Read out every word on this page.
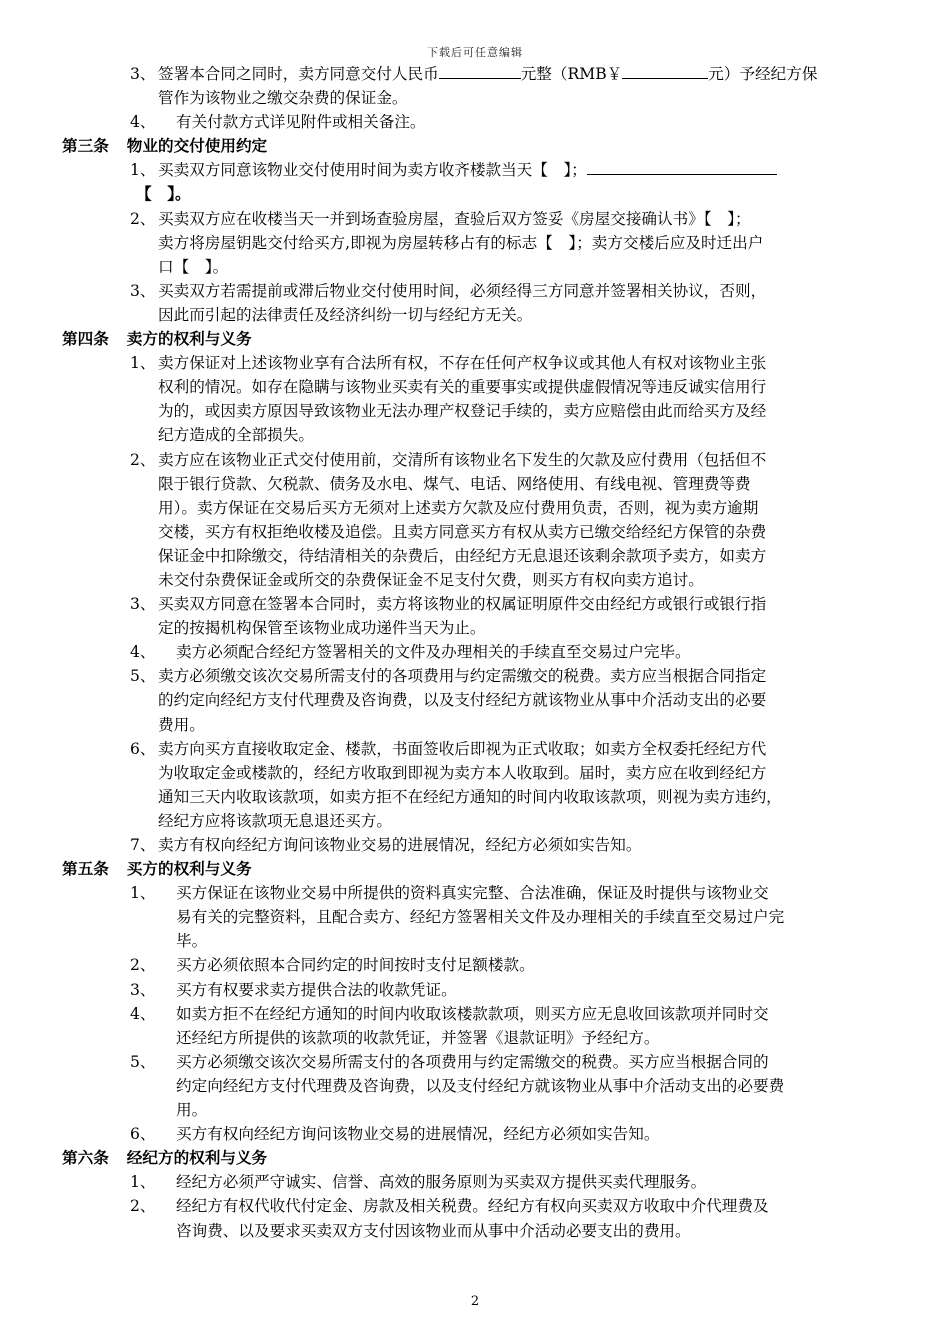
下载后可任意编辑
3、 签署本合同之同时，卖方同意交付人民币	元整（RMB￥	元）予经纪方保
管作为该物业之缴交杂费的保证金。
4、 有关付款方式详见附件或相关备注。
第三条 物业的交付使用约定
1、 买卖双方同意该物业交付使用时间为卖方收齐楼款当天【　】；
【　】。
2、 买卖双方应在收楼当天一并到场查验房屋，查验后双方签妥《房屋交接确认书》【　】；
卖方将房屋钥匙交付给买方,即视为房屋转移占有的标志【　】；卖方交楼后应及时迁出户
口【　】。
3、 买卖双方若需提前或滞后物业交付使用时间，必须经得三方同意并签署相关协议，否则，
因此而引起的法律责任及经济纠纷一切与经纪方无关。
第四条 卖方的权利与义务
1、 卖方保证对上述该物业享有合法所有权，不存在任何产权争议或其他人有权对该物业主张
权利的情况。如存在隐瞒与该物业买卖有关的重要事实或提供虚假情况等违反诚实信用行
为的，或因卖方原因导致该物业无法办理产权登记手续的，卖方应赔偿由此而给买方及经
纪方造成的全部损失。
2、 卖方应在该物业正式交付使用前，交清所有该物业名下发生的欠款及应付费用（包括但不
限于银行贷款、欠税款、债务及水电、煤气、电话、网络使用、有线电视、管理费等费
用）。卖方保证在交易后买方无须对上述卖方欠款及应付费用负责，否则，视为卖方逾期
交楼，买方有权拒绝收楼及追偿。且卖方同意买方有权从卖方已缴交给经纪方保管的杂费
保证金中扣除缴交，待结清相关的杂费后，由经纪方无息退还该剩余款项予卖方，如卖方
未交付杂费保证金或所交的杂费保证金不足支付欠费，则买方有权向卖方追讨。
3、 买卖双方同意在签署本合同时，卖方将该物业的权属证明原件交由经纪方或银行或银行指
定的按揭机构保管至该物业成功递件当天为止。
4、 卖方必须配合经纪方签署相关的文件及办理相关的手续直至交易过户完毕。
5、 卖方必须缴交该次交易所需支付的各项费用与约定需缴交的税费。卖方应当根据合同指定
的约定向经纪方支付代理费及咨询费，以及支付经纪方就该物业从事中介活动支出的必要
费用。
6、 卖方向买方直接收取定金、楼款，书面签收后即视为正式收取；如卖方全权委托经纪方代
为收取定金或楼款的，经纪方收取到即视为卖方本人收取到。届时，卖方应在收到经纪方
通知三天内收取该款项，如卖方拒不在经纪方通知的时间内收取该款项，则视为卖方违约，
经纪方应将该款项无息退还买方。
7、 卖方有权向经纪方询问该物业交易的进展情况，经纪方必须如实告知。
第五条 买方的权利与义务
1、 买方保证在该物业交易中所提供的资料真实完整、合法准确，保证及时提供与该物业交
易有关的完整资料，且配合卖方、经纪方签署相关文件及办理相关的手续直至交易过户完
毕。
2、 买方必须依照本合同约定的时间按时支付足额楼款。
3、 买方有权要求卖方提供合法的收款凭证。
4、 如卖方拒不在经纪方通知的时间内收取该楼款款项，则买方应无息收回该款项并同时交
还经纪方所提供的该款项的收款凭证，并签署《退款证明》予经纪方。
5、 买方必须缴交该次交易所需支付的各项费用与约定需缴交的税费。买方应当根据合同的
约定向经纪方支付代理费及咨询费，以及支付经纪方就该物业从事中介活动支出的必要费
用。
6、 买方有权向经纪方询问该物业交易的进展情况，经纪方必须如实告知。
第六条 经纪方的权利与义务
1、 经纪方必须严守诚实、信誉、高效的服务原则为买卖双方提供买卖代理服务。
2、 经纪方有权代收代付定金、房款及相关税费。经纪方有权向买卖双方收取中介代理费及
咨询费、以及要求买卖双方支付因该物业而从事中介活动必要支出的费用。
2
